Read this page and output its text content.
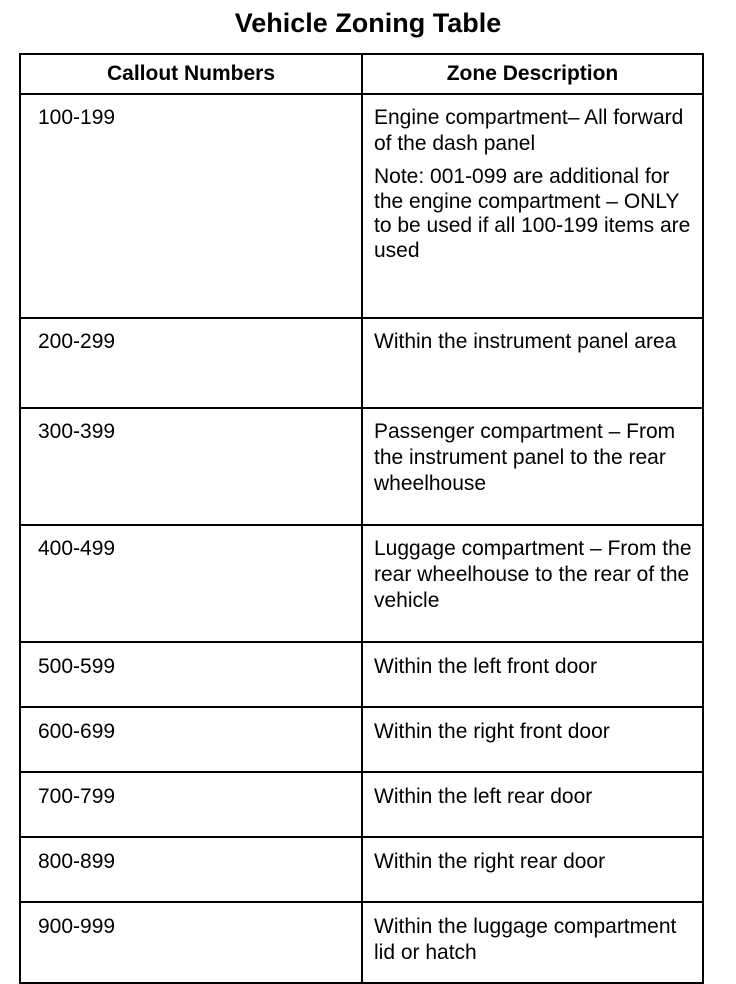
Vehicle Zoning Table
Callout Numbers	Zone Description
100-199	Engine compartment– All forward of the dash panel
Note: 001-099 are additional for the engine compartment – ONLY to be used if all 100-199 items are used

200-299	Within the instrument panel area
300-399	Passenger compartment – From the instrument panel to the rear wheelhouse
400-499	Luggage compartment – From the rear wheelhouse to the rear of the vehicle
500-599	Within the left front door
600-699	Within the right front door
700-799	Within the left rear door
800-899	Within the right rear door
900-999	Within the luggage compartment lid or hatch
